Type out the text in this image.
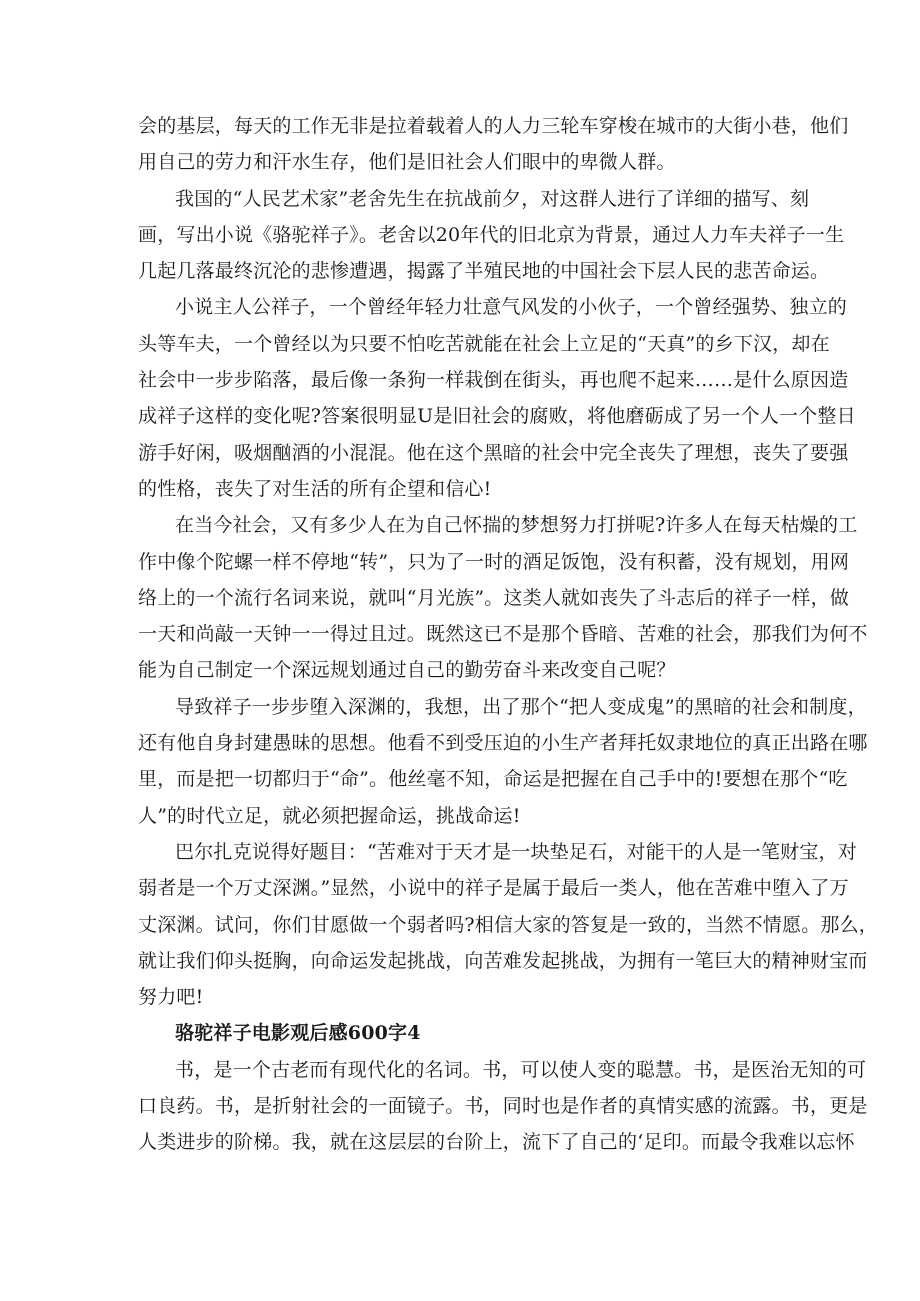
会的基层，每天的工作无非是拉着载着人的人力三轮车穿梭在城市的大街小巷，他们
用自己的劳力和汗水生存，他们是旧社会人们眼中的卑微人群。
我国的“人民艺术家”老舍先生在抗战前夕，对这群人进行了详细的描写、刻
画，写出小说《骆驼祥子》。老舍以20年代的旧北京为背景，通过人力车夫祥子一生
几起几落最终沉沦的悲惨遭遇，揭露了半殖民地的中国社会下层人民的悲苦命运。
小说主人公祥子，一个曾经年轻力壮意气风发的小伙子，一个曾经强势、独立的
头等车夫，一个曾经以为只要不怕吃苦就能在社会上立足的“天真”的乡下汉，却在
社会中一步步陷落，最后像一条狗一样栽倒在街头，再也爬不起来……是什么原因造
成祥子这样的变化呢?答案很明显U是旧社会的腐败，将他磨砺成了另一个人一个整日
游手好闲，吸烟酗酒的小混混。他在这个黑暗的社会中完全丧失了理想，丧失了要强
的性格，丧失了对生活的所有企望和信心!
在当今社会，又有多少人在为自己怀揣的梦想努力打拼呢?许多人在每天枯燥的工
作中像个陀螺一样不停地“转”，只为了一时的酒足饭饱，没有积蓄，没有规划，用网
络上的一个流行名词来说，就叫“月光族”。这类人就如丧失了斗志后的祥子一样，做
一天和尚敲一天钟一一得过且过。既然这已不是那个昏暗、苦难的社会，那我们为何不
能为自己制定一个深远规划通过自己的勤劳奋斗来改变自己呢？
导致祥子一步步堕入深渊的，我想，出了那个“把人变成鬼”的黑暗的社会和制度，
还有他自身封建愚昧的思想。他看不到受压迫的小生产者拜托奴隶地位的真正出路在哪
里，而是把一切都归于“命”。他丝毫不知，命运是把握在自己手中的!要想在那个“吃
人”的时代立足，就必须把握命运，挑战命运!
巴尔扎克说得好题目：“苦难对于天才是一块垫足石，对能干的人是一笔财宝，对
弱者是一个万丈深渊。”显然，小说中的祥子是属于最后一类人，他在苦难中堕入了万
丈深渊。试问，你们甘愿做一个弱者吗?相信大家的答复是一致的，当然不情愿。那么，
就让我们仰头挺胸，向命运发起挑战，向苦难发起挑战，为拥有一笔巨大的精神财宝而
努力吧!
骆驼祥子电影观后感600字4
书，是一个古老而有现代化的名词。书，可以使人变的聪慧。书，是医治无知的可
口良药。书，是折射社会的一面镜子。书，同时也是作者的真情实感的流露。书，更是
人类进步的阶梯。我，就在这层层的台阶上，流下了自己的‘足印。而最令我难以忘怀
